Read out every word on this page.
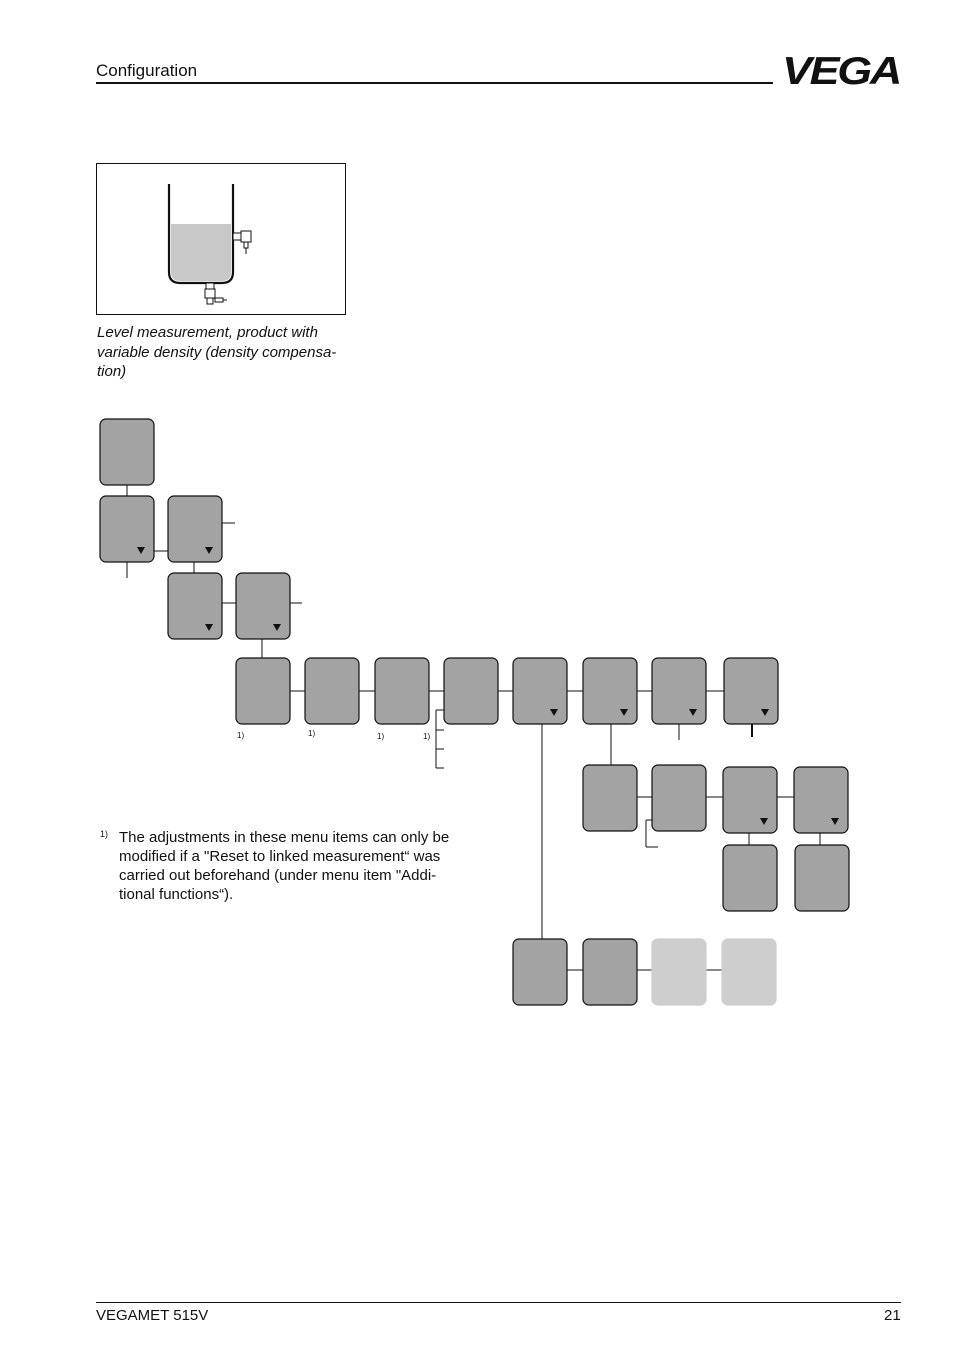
Configuration	VEGA
Level measurement, product with
variable density (density compensa-
tion)
1)	1)	1)	1)
1) The adjustments in these menu items can only be
modified if a "Reset to linked measurement“ was
carried out beforehand (under menu item "Addi-
tional functions“).
VEGAMET 515V	21
